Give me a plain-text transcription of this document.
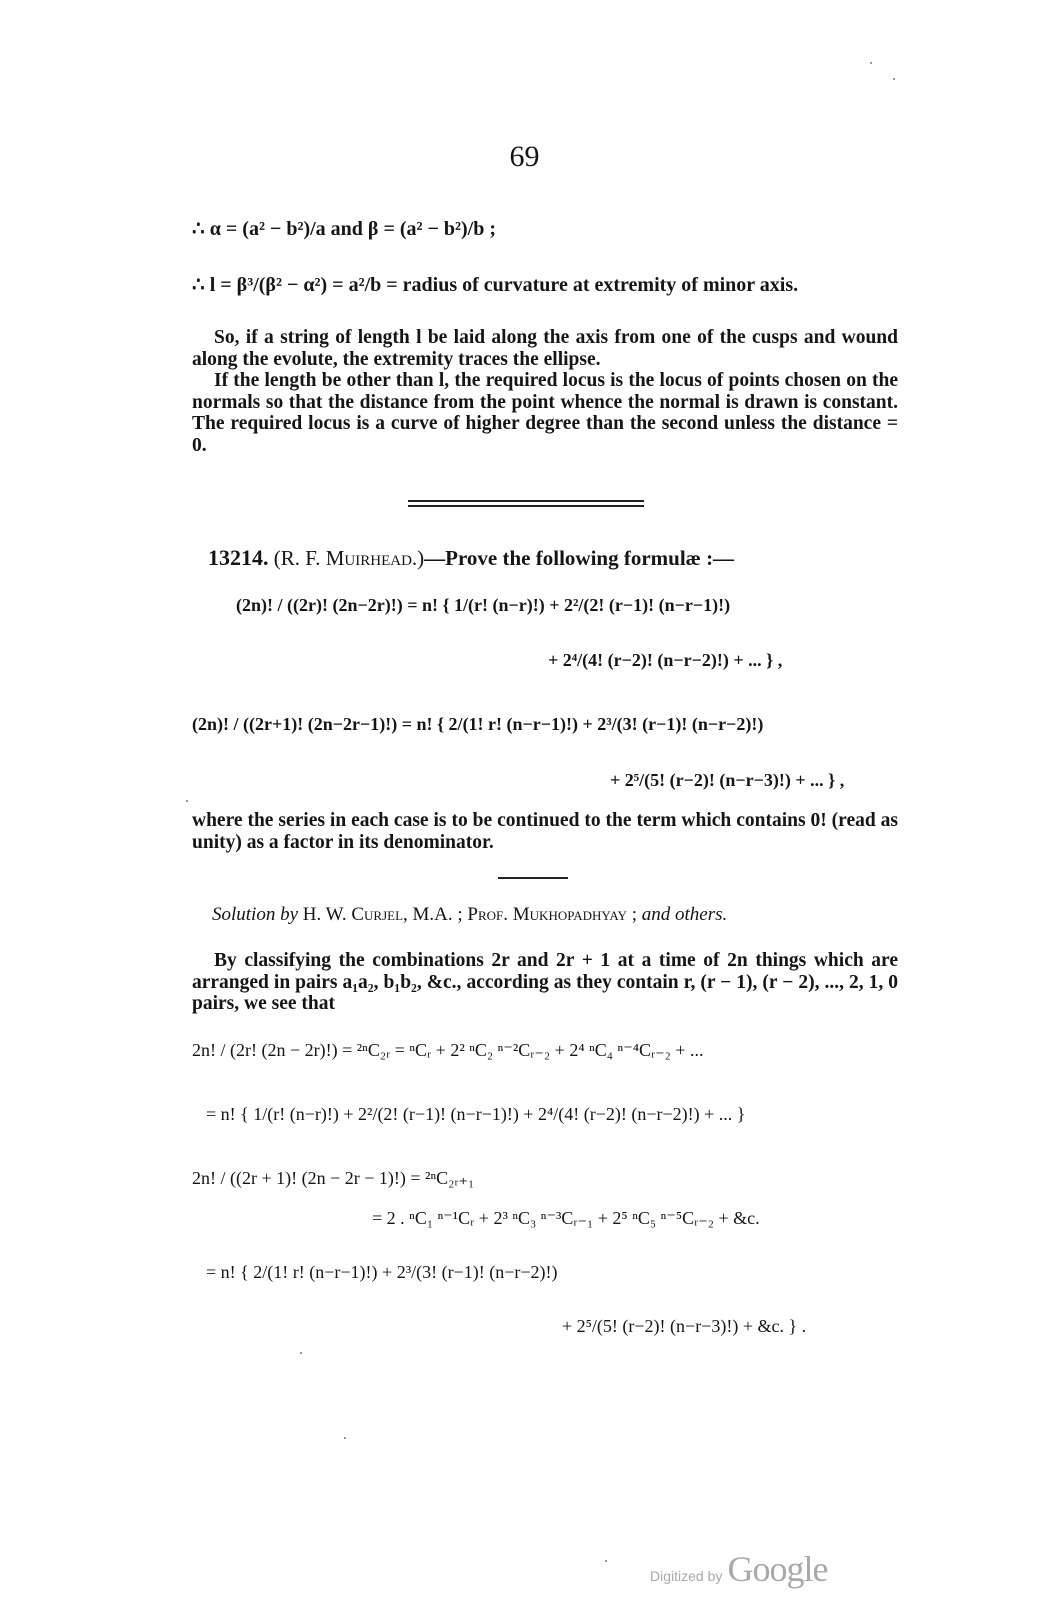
69
∴ α = (a² − b²)/a and β = (a² − b²)/b ;
∴ l = β³/(β² − α²) = a²/b = radius of curvature at extremity of minor axis.
So, if a string of length l be laid along the axis from one of the cusps and wound along the evolute, the extremity traces the ellipse.
If the length be other than l, the required locus is the locus of points chosen on the normals so that the distance from the point whence the normal is drawn is constant. The required locus is a curve of higher degree than the second unless the distance = 0.
13214. (R. F. Muirhead.)—Prove the following formulæ :—
(2n)! / ((2r)! (2n−2r)!) = n! { 1/(r! (n−r)!) + 2²/(2! (r−1)! (n−r−1)!)
+ 2⁴/(4! (r−2)! (n−r−2)!) + ... } ,
(2n)! / ((2r+1)! (2n−2r−1)!) = n! { 2/(1! r! (n−r−1)!) + 2³/(3! (r−1)! (n−r−2)!)
+ 2⁵/(5! (r−2)! (n−r−3)!) + ... } ,
where the series in each case is to be continued to the term which contains 0! (read as unity) as a factor in its denominator.
Solution by H. W. Curjel, M.A. ; Prof. Mukhopadhyay ; and others.
By classifying the combinations 2r and 2r + 1 at a time of 2n things which are arranged in pairs a₁a₂, b₁b₂, &c., according as they contain r, (r − 1), (r − 2), ..., 2, 1, 0 pairs, we see that
2n! / (2r! (2n − 2r)!) = ²ⁿC₂ᵣ = ⁿCᵣ + 2² ⁿC₂ ⁿ⁻²Cᵣ₋₂ + 2⁴ ⁿC₄ ⁿ⁻⁴Cᵣ₋₂ + ...
= n! { 1/(r! (n−r)!) + 2²/(2! (r−1)! (n−r−1)!) + 2⁴/(4! (r−2)! (n−r−2)!) + ... }
2n! / ((2r + 1)! (2n − 2r − 1)!) = ²ⁿC₂ᵣ₊₁
= 2 . ⁿC₁ ⁿ⁻¹Cᵣ + 2³ ⁿC₃ ⁿ⁻³Cᵣ₋₁ + 2⁵ ⁿC₅ ⁿ⁻⁵Cᵣ₋₂ + &c.
= n! { 2/(1! r! (n−r−1)!) + 2³/(3! (r−1)! (n−r−2)!)
+ 2⁵/(5! (r−2)! (n−r−3)!) + &c. } .
Digitized by Google
